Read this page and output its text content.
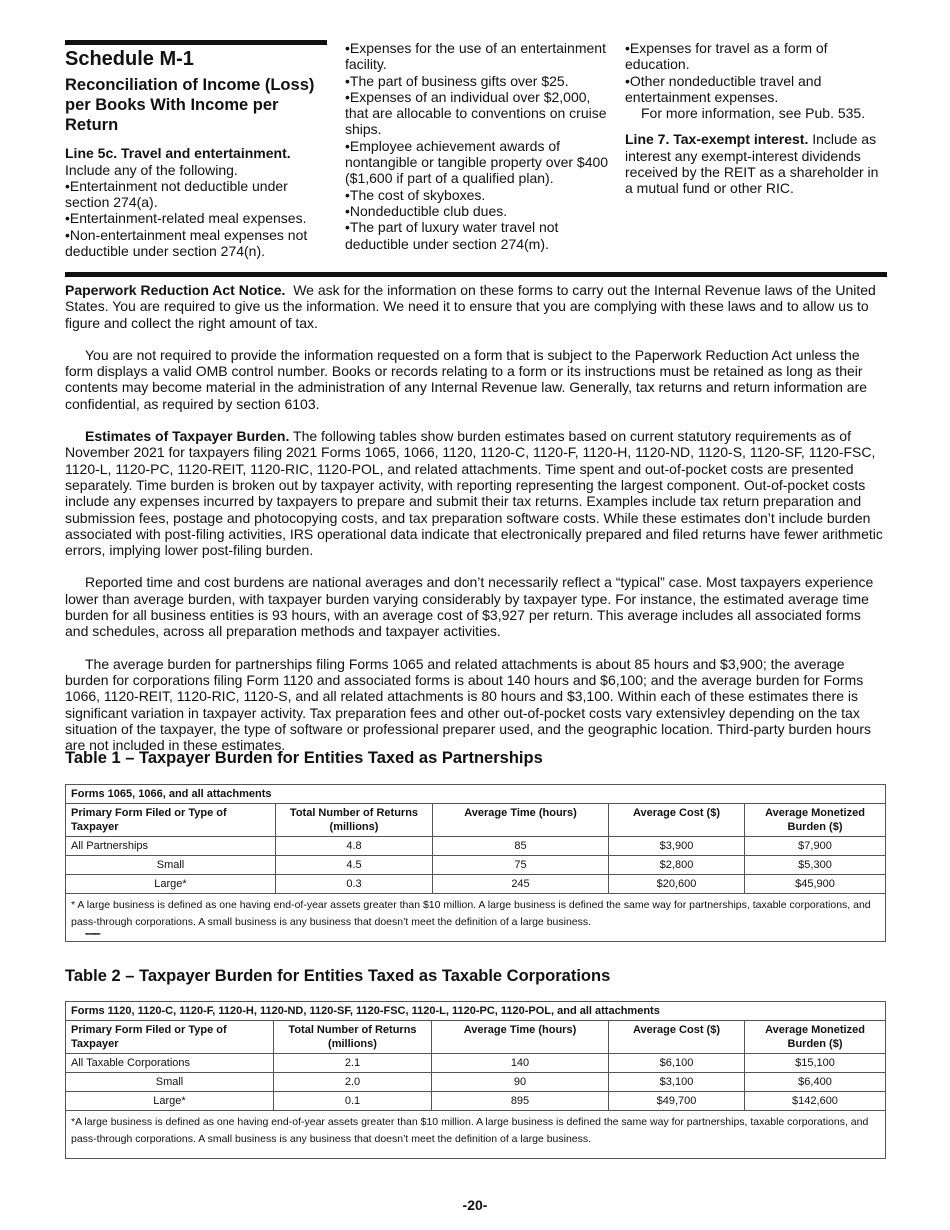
Schedule M-1
Reconciliation of Income (Loss) per Books With Income per Return
Line 5c. Travel and entertainment.
Include any of the following.
• Entertainment not deductible under section 274(a).
• Entertainment-related meal expenses.
• Non-entertainment meal expenses not deductible under section 274(n).
• Expenses for the use of an entertainment facility.
• The part of business gifts over $25.
• Expenses of an individual over $2,000, that are allocable to conventions on cruise ships.
• Employee achievement awards of nontangible or tangible property over $400 ($1,600 if part of a qualified plan).
• The cost of skyboxes.
• Nondeductible club dues.
• The part of luxury water travel not deductible under section 274(m).
• Expenses for travel as a form of education.
• Other nondeductible travel and entertainment expenses.
For more information, see Pub. 535.
Line 7. Tax-exempt interest. Include as interest any exempt-interest dividends received by the REIT as a shareholder in a mutual fund or other RIC.

Paperwork Reduction Act Notice. We ask for the information on these forms to carry out the Internal Revenue laws of the United States. You are required to give us the information. We need it to ensure that you are complying with these laws and to allow us to figure and collect the right amount of tax.

You are not required to provide the information requested on a form that is subject to the Paperwork Reduction Act unless the form displays a valid OMB control number. Books or records relating to a form or its instructions must be retained as long as their contents may become material in the administration of any Internal Revenue law. Generally, tax returns and return information are confidential, as required by section 6103.

Estimates of Taxpayer Burden. The following tables show burden estimates based on current statutory requirements as of November 2021 for taxpayers filing 2021 Forms 1065, 1066, 1120, 1120-C, 1120-F, 1120-H, 1120-ND, 1120-S, 1120-SF, 1120-FSC, 1120-L, 1120-PC, 1120-REIT, 1120-RIC, 1120-POL, and related attachments. Time spent and out-of-pocket costs are presented separately. Time burden is broken out by taxpayer activity, with reporting representing the largest component. Out-of-pocket costs include any expenses incurred by taxpayers to prepare and submit their tax returns. Examples include tax return preparation and submission fees, postage and photocopying costs, and tax preparation software costs. While these estimates don’t include burden associated with post-filing activities, IRS operational data indicate that electronically prepared and filed returns have fewer arithmetic errors, implying lower post-filing burden.

Reported time and cost burdens are national averages and don’t necessarily reflect a “typical” case. Most taxpayers experience lower than average burden, with taxpayer burden varying considerably by taxpayer type. For instance, the estimated average time burden for all business entities is 93 hours, with an average cost of $3,927 per return. This average includes all associated forms and schedules, across all preparation methods and taxpayer activities.

The average burden for partnerships filing Forms 1065 and related attachments is about 85 hours and $3,900; the average burden for corporations filing Form 1120 and associated forms is about 140 hours and $6,100; and the average burden for Forms 1066, 1120-REIT, 1120-RIC, 1120-S, and all related attachments is 80 hours and $3,100. Within each of these estimates there is significant variation in taxpayer activity. Tax preparation fees and other out-of-pocket costs vary extensivley depending on the tax situation of the taxpayer, the type of software or professional preparer used, and the geographic location. Third-party burden hours are not included in these estimates.

Table 1 – Taxpayer Burden for Entities Taxed as Partnerships
Forms 1065, 1066, and all attachments				
Primary Form Filed or Type of Taxpayer	Total Number of Returns (millions)	Average Time (hours)	Average Cost ($)	Average Monetized Burden ($)
All Partnerships	4.8	85	$3,900	$7,900
Small	4.5	75	$2,800	$5,300
Large*	0.3	245	$20,600	$45,900
* A large business is defined as one having end-of-year assets greater than $10 million. A large business is defined the same way for partnerships, taxable corporations, and pass-through corporations. A small business is any business that doesn’t meet the definition of a large business.				
''''''''''''''''''''''''''''
Table 2 – Taxpayer Burden for Entities Taxed as Taxable Corporations
Forms 1120, 1120-C, 1120-F, 1120-H, 1120-ND, 1120-SF, 1120-FSC, 1120-L, 1120-PC, 1120-POL, and all attachments				
Primary Form Filed or Type of Taxpayer	Total Number of Returns (millions)	Average Time (hours)	Average Cost ($)	Average Monetized Burden ($)
All Taxable Corporations	2.1	140	$6,100	$15,100
Small	2.0	90	$3,100	$6,400
Large*	0.1	895	$49,700	$142,600
*A large business is defined as one having end-of-year assets greater than $10 million. A large business is defined the same way for partnerships, taxable corporations, and pass-through corporations. A small business is any business that doesn’t meet the definition of a large business.				
-20-
